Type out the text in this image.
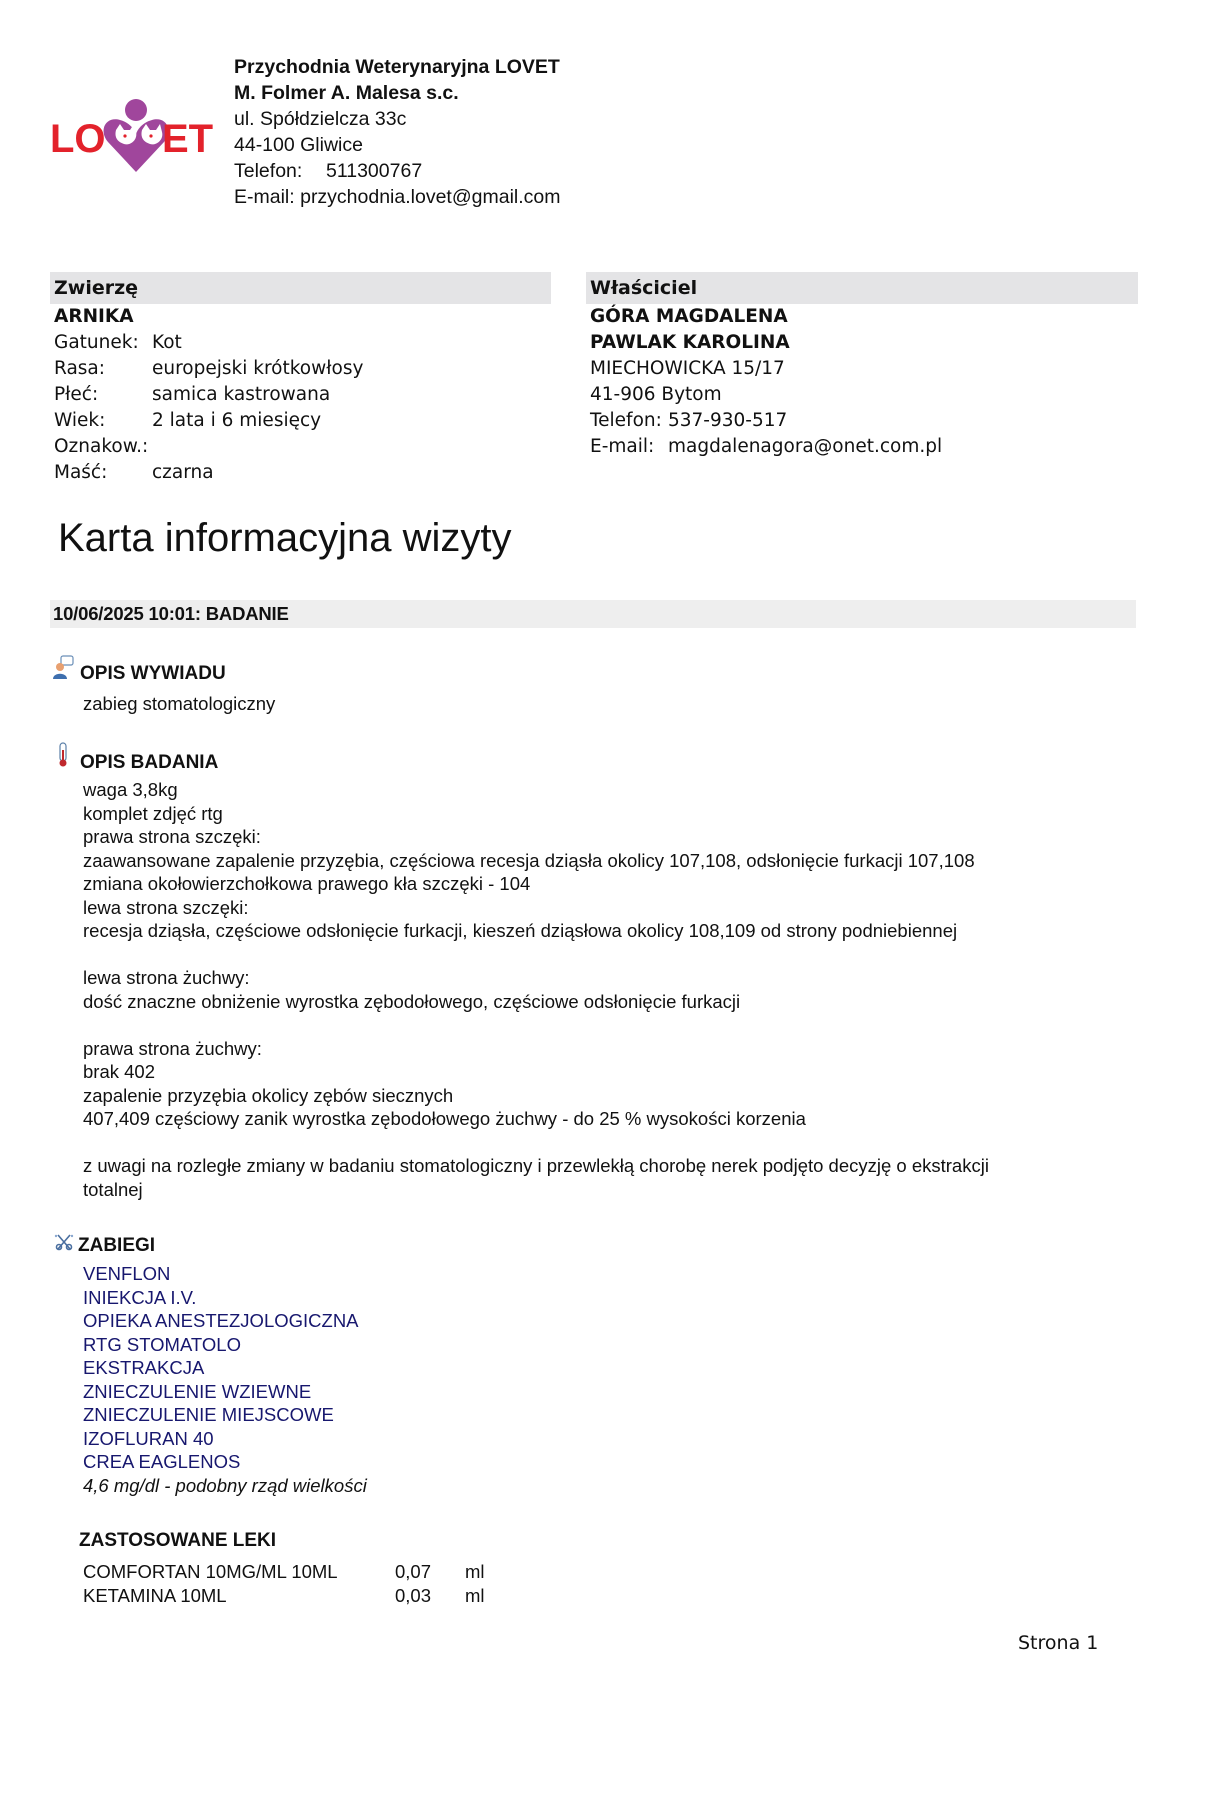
LO ET
Przychodnia Weterynaryjna LOVET
M. Folmer A. Malesa s.c.
ul. Spółdzielcza 33c
44-100 Gliwice
Telefon: 511300767
E-mail: przychodnia.lovet@gmail.com
Zwierzę
ARNIKA
Gatunek: Kot
Rasa:	europejski krótkowłosy
Płeć:	samica kastrowana
Wiek:	2 lata i 6 miesięcy
Oznakow.:
Maść:	czarna
Właściciel
GÓRA MAGDALENA
PAWLAK KAROLINA
MIECHOWICKA 15/17
41-906 Bytom
Telefon: 537-930-517
E-mail: magdalenagora@onet.com.pl
Karta informacyjna wizyty
10/06/2025 10:01: BADANIE
OPIS WYWIADU
zabieg stomatologiczny
OPIS BADANIA
waga 3,8kg
komplet zdjęć rtg
prawa strona szczęki:
zaawansowane zapalenie przyzębia, częściowa recesja dziąsła okolicy 107,108, odsłonięcie furkacji 107,108
zmiana okołowierzchołkowa prawego kła szczęki - 104
lewa strona szczęki:
recesja dziąsła, częściowe odsłonięcie furkacji, kieszeń dziąsłowa okolicy 108,109 od strony podniebiennej
lewa strona żuchwy:
dość znaczne obniżenie wyrostka zębodołowego, częściowe odsłonięcie furkacji
prawa strona żuchwy:
brak 402
zapalenie przyzębia okolicy zębów siecznych
407,409 częściowy zanik wyrostka zębodołowego żuchwy - do 25 % wysokości korzenia
z uwagi na rozległe zmiany w badaniu stomatologiczny i przewlekłą chorobę nerek podjęto decyzję o ekstrakcji
totalnej
ZABIEGI
VENFLON
INIEKCJA I.V.
OPIEKA ANESTEZJOLOGICZNA
RTG STOMATOLO
EKSTRAKCJA
ZNIECZULENIE WZIEWNE
ZNIECZULENIE MIEJSCOWE
IZOFLURAN 40
CREA EAGLENOS
4,6 mg/dl - podobny rząd wielkości
ZASTOSOWANE LEKI
COMFORTAN 10MG/ML 10ML	0,07	ml
KETAMINA 10ML	0,03	ml
Strona 1
